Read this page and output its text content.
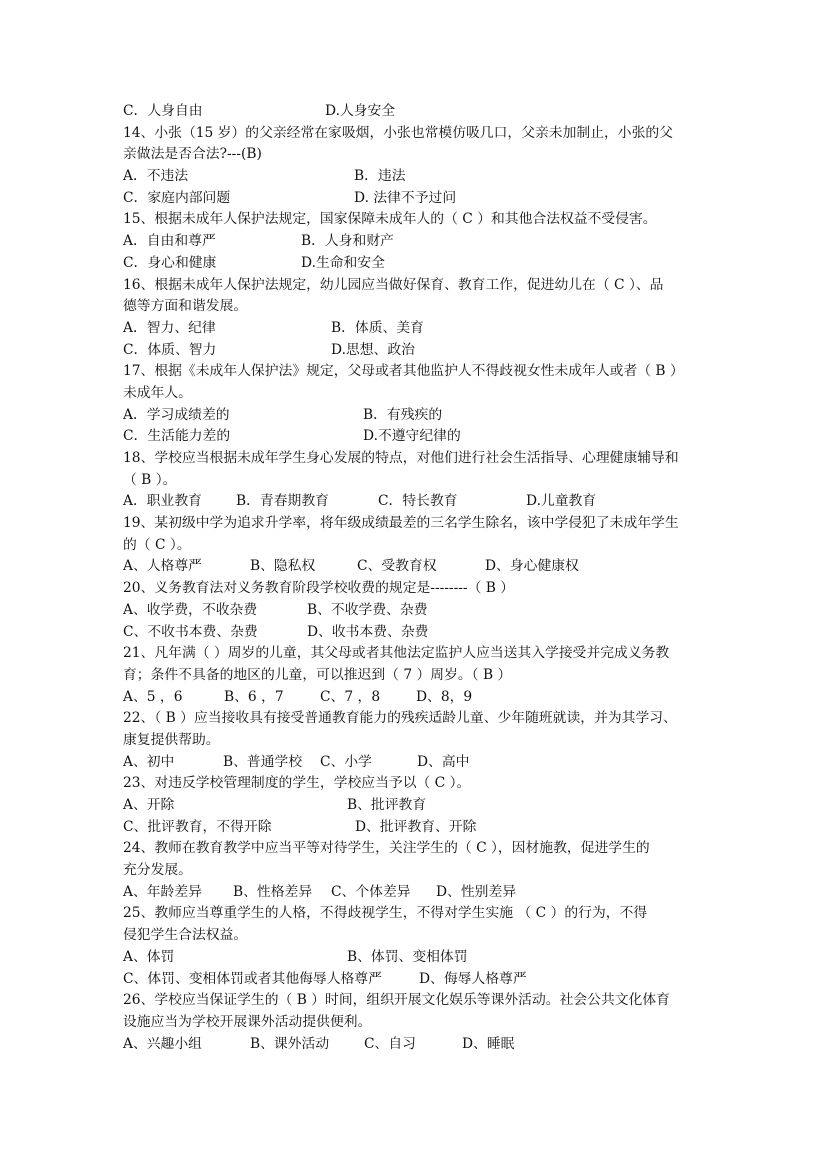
C．人身自由	D.人身安全
14、小张（15 岁）的父亲经常在家吸烟，小张也常模仿吸几口，父亲未加制止，小张的父
亲做法是否合法?---(B)
A．不违法	B．违法
C．家庭内部问题	D. 法律不予过问
15、根据未成年人保护法规定，国家保障未成年人的（ C ）和其他合法权益不受侵害。
A．自由和尊严	B．人身和财产
C．身心和健康	D.生命和安全
16、根据未成年人保护法规定，幼儿园应当做好保育、教育工作，促进幼儿在（ C ）、品
德等方面和谐发展。
A．智力、纪律	B．体质、美育
C．体质、智力	D.思想、政治
17、根据《未成年人保护法》规定，父母或者其他监护人不得歧视女性未成年人或者（ B ）
未成年人。
A．学习成绩差的	B．有残疾的
C．生活能力差的	D.不遵守纪律的
18、学校应当根据未成年学生身心发展的特点，对他们进行社会生活指导、心理健康辅导和
（ B ）。
A．职业教育	B．青春期教育	C．特长教育	D.儿童教育
19、某初级中学为追求升学率，将年级成绩最差的三名学生除名，该中学侵犯了未成年学生
的（ C ）。
A、人格尊严	B、隐私权	C、受教育权	D、身心健康权
20、义务教育法对义务教育阶段学校收费的规定是--------（ B ）
A、收学费，不收杂费	B、不收学费、杂费
C、不收书本费、杂费	D、收书本费、杂费
21、凡年满（ ）周岁的儿童，其父母或者其他法定监护人应当送其入学接受并完成义务教
育；条件不具备的地区的儿童，可以推迟到（ 7 ）周岁。（ B ）
A、5 ，6	B、6 ，7	C、7 ，8	D、8，9
22、（ B ）应当接收具有接受普通教育能力的残疾适龄儿童、少年随班就读，并为其学习、
康复提供帮助。
A、初中	B、普通学校	C、小学	D、高中
23、对违反学校管理制度的学生，学校应当予以（ C ）。
A、开除	B、批评教育
C、批评教育，不得开除	D、批评教育、开除
24、教师在教育教学中应当平等对待学生，关注学生的（ C ），因材施教，促进学生的
充分发展。
A、年龄差异	B、性格差异	C、个体差异	D、性别差异
25、教师应当尊重学生的人格，不得歧视学生，不得对学生实施 （ C ）的行为，不得
侵犯学生合法权益。
A、体罚	B、体罚、变相体罚
C、体罚、变相体罚或者其他侮辱人格尊严	D、侮辱人格尊严
26、学校应当保证学生的（ B ）时间，组织开展文化娱乐等课外活动。社会公共文化体育
设施应当为学校开展课外活动提供便利。
A、兴趣小组	B、课外活动	C、自习	D、睡眠
